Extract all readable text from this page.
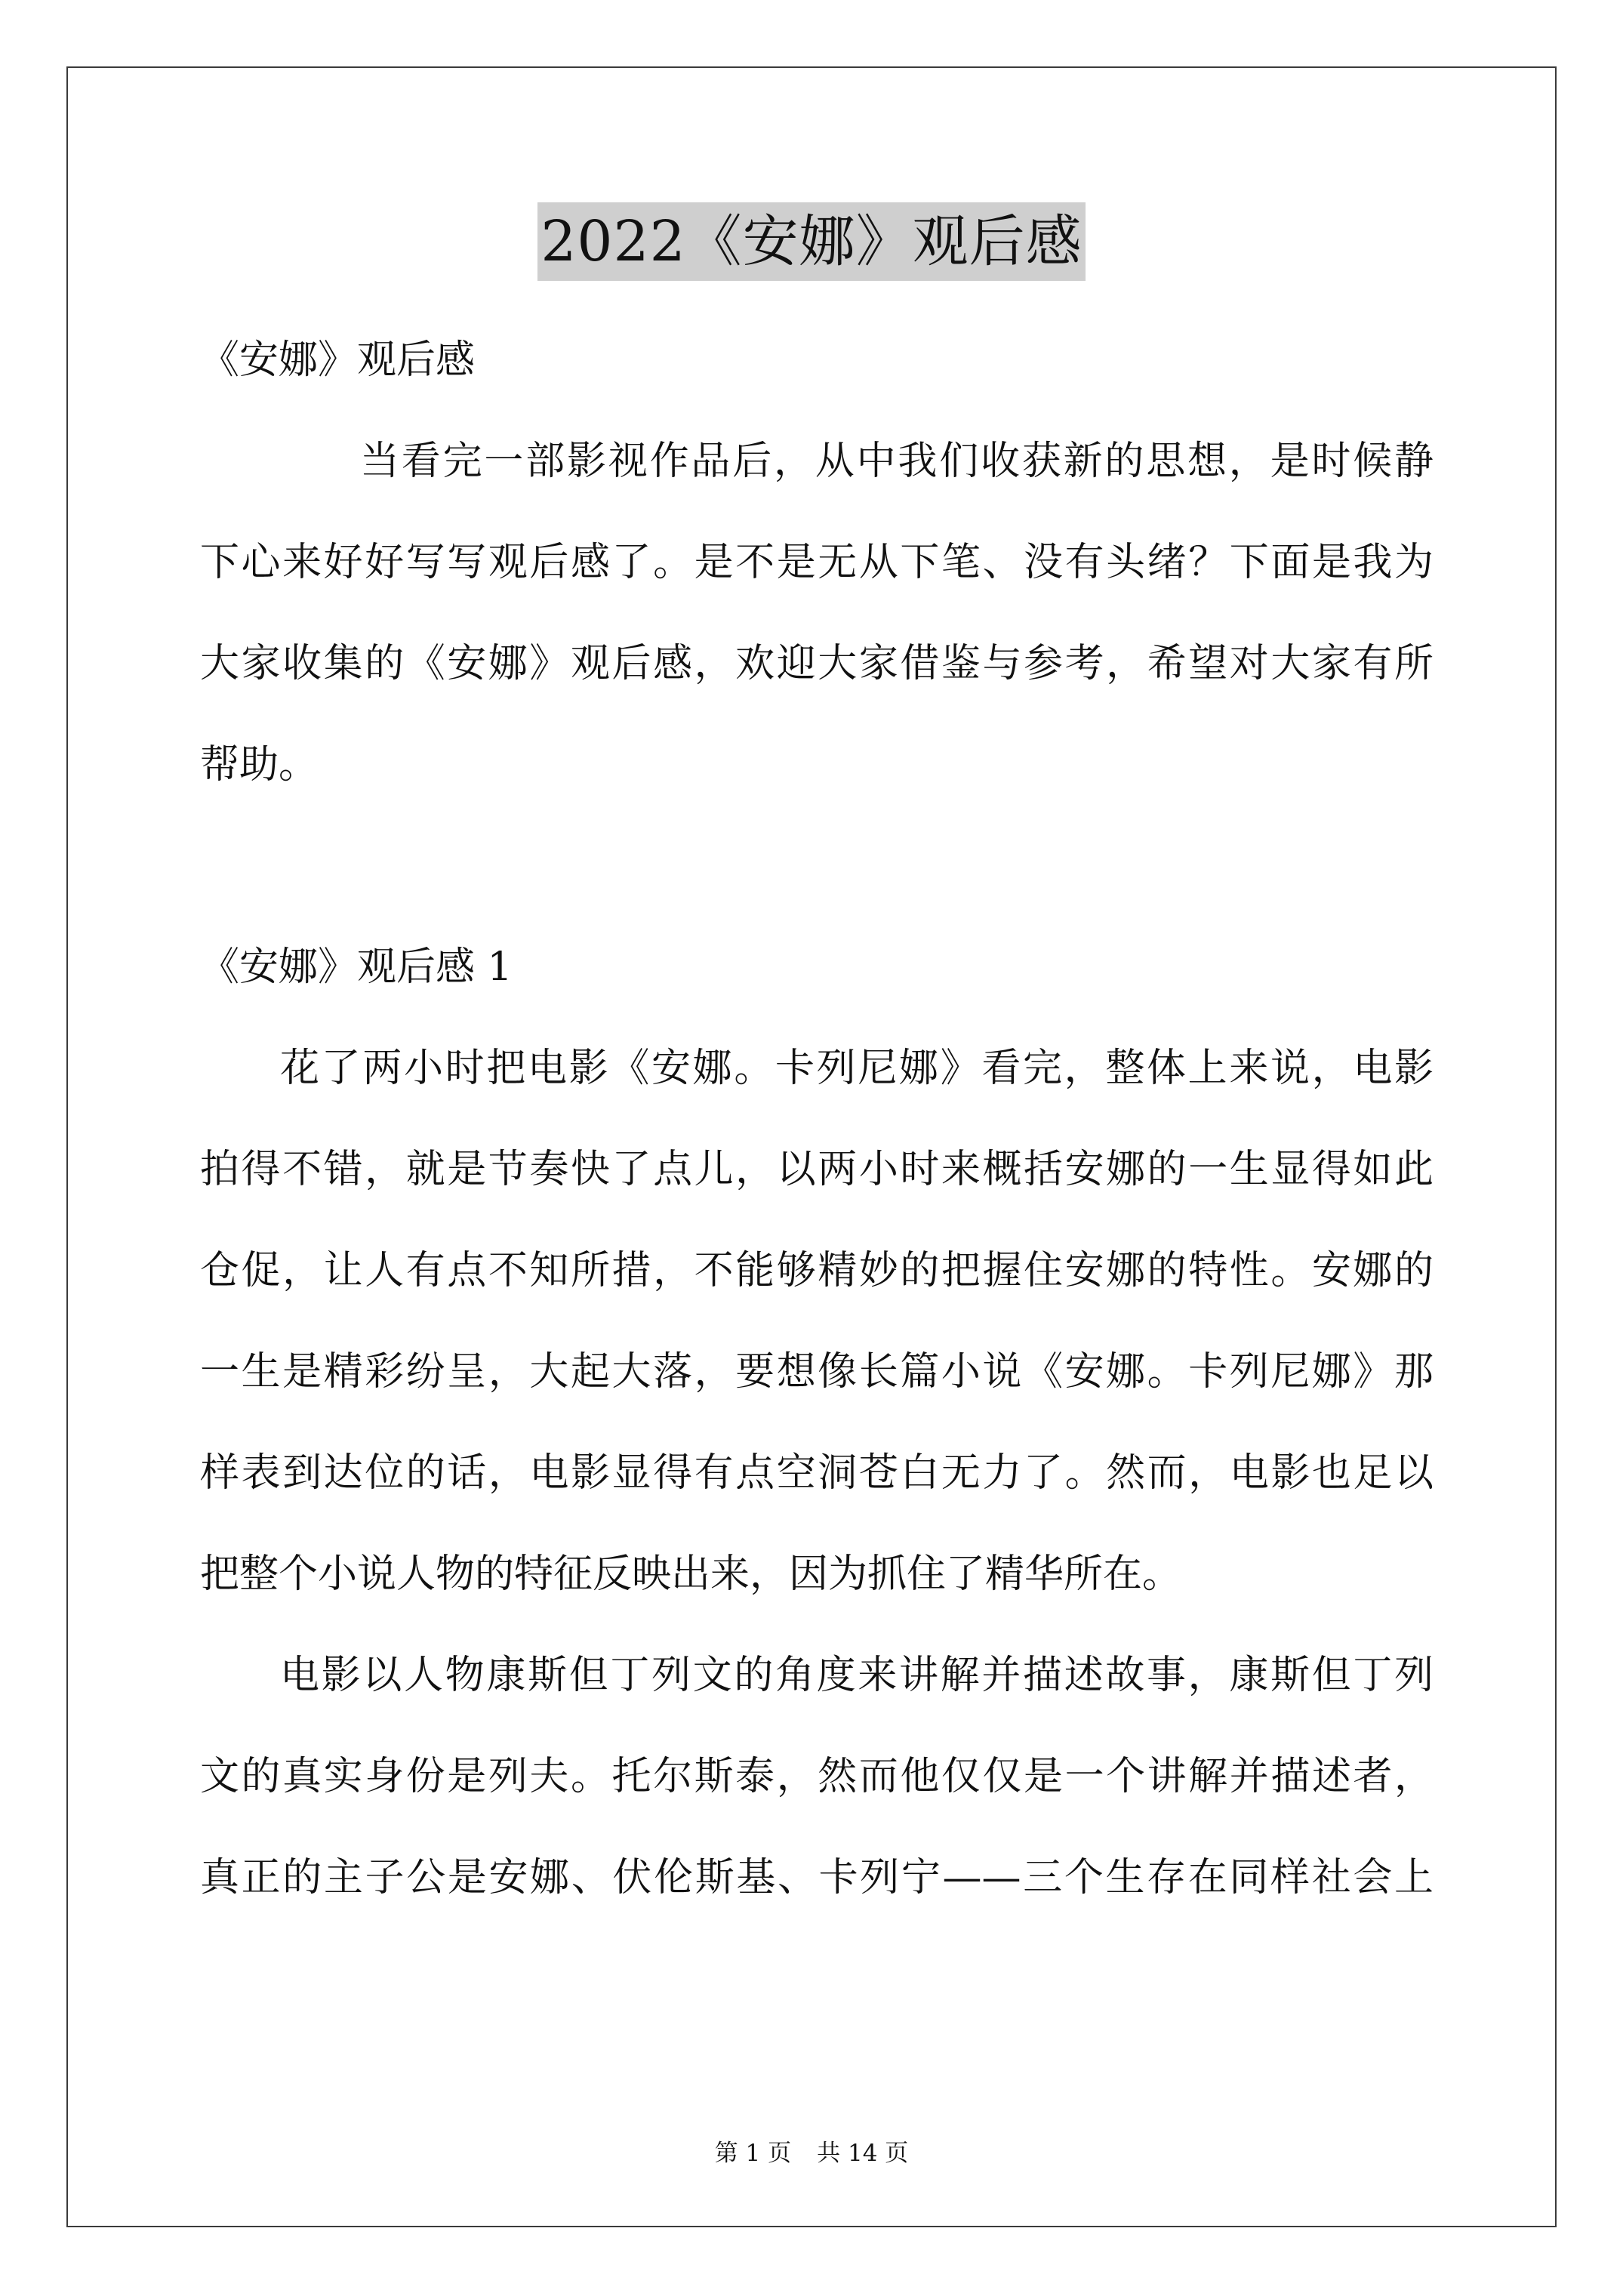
2022《安娜》观后感

《安娜》观后感

当看完一部影视作品后，从中我们收获新的思想，是时候静

下心来好好写写观后感了。是不是无从下笔、没有头绪？下面是我为

大家收集的《安娜》观后感，欢迎大家借鉴与参考，希望对大家有所

帮助。

《安娜》观后感 1

花了两小时把电影《安娜。卡列尼娜》看完，整体上来说，电影

拍得不错，就是节奏快了点儿，以两小时来概括安娜的一生显得如此

仓促，让人有点不知所措，不能够精妙的把握住安娜的特性。安娜的

一生是精彩纷呈，大起大落，要想像长篇小说《安娜。卡列尼娜》那

样表到达位的话，电影显得有点空洞苍白无力了。然而，电影也足以

把整个小说人物的特征反映出来，因为抓住了精华所在。

电影以人物康斯但丁列文的角度来讲解并描述故事，康斯但丁列

文的真实身份是列夫。托尔斯泰，然而他仅仅是一个讲解并描述者，

真正的主子公是安娜、伏伦斯基、卡列宁——三个生存在同样社会上

第 1 页 共 14 页
